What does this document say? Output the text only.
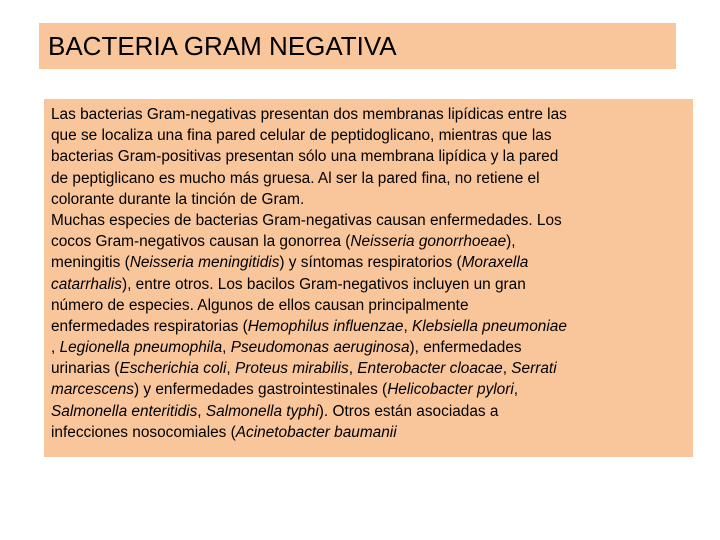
BACTERIA GRAM NEGATIVA
Las bacterias Gram-negativas presentan dos membranas lipídicas entre las
que se localiza una fina pared celular de peptidoglicano, mientras que las
bacterias Gram-positivas presentan sólo una membrana lipídica y la pared
de peptiglicano es mucho más gruesa. Al ser la pared fina, no retiene el
colorante durante la tinción de Gram.
Muchas especies de bacterias Gram-negativas causan enfermedades. Los
cocos Gram-negativos causan la gonorrea (Neisseria gonorrhoeae),
meningitis (Neisseria meningitidis) y síntomas respiratorios (Moraxella
catarrhalis), entre otros. Los bacilos Gram-negativos incluyen un gran
número de especies. Algunos de ellos causan principalmente
enfermedades respiratorias (Hemophilus influenzae, Klebsiella pneumoniae
, Legionella pneumophila, Pseudomonas aeruginosa), enfermedades
urinarias (Escherichia coli, Proteus mirabilis, Enterobacter cloacae, Serrati
marcescens) y enfermedades gastrointestinales (Helicobacter pylori,
Salmonella enteritidis, Salmonella typhi). Otros están asociadas a
infecciones nosocomiales (Acinetobacter baumanii
